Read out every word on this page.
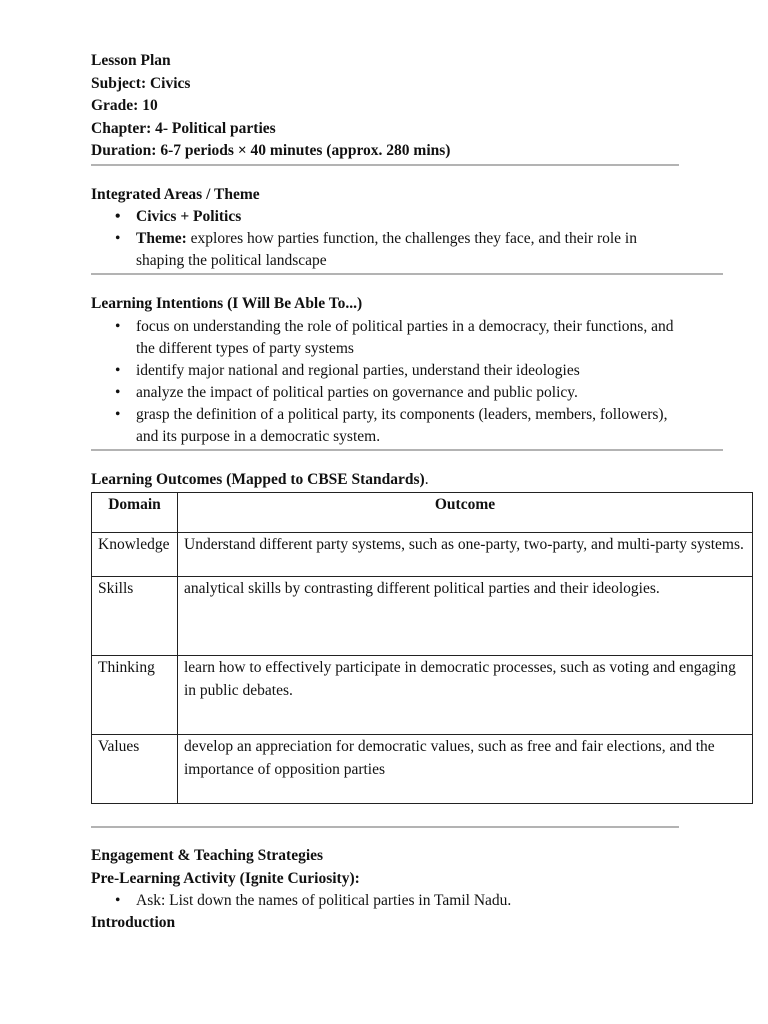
Lesson Plan
Subject: Civics
Grade: 10
Chapter: 4- Political parties
Duration: 6-7 periods × 40 minutes (approx. 280 mins)
Integrated Areas / Theme
• Civics + Politics
• Theme: explores how parties function, the challenges they face, and their role in shaping the political landscape
Learning Intentions (I Will Be Able To...)
• focus on understanding the role of political parties in a democracy, their functions, and the different types of party systems
• identify major national and regional parties, understand their ideologies
• analyze the impact of political parties on governance and public policy.
• grasp the definition of a political party, its components (leaders, members, followers), and its purpose in a democratic system.
Learning Outcomes (Mapped to CBSE Standards).
Domain	Outcome
Knowledge	Understand different party systems, such as one-party, two-party, and multi-party systems.
Skills	analytical skills by contrasting different political parties and their ideologies.
Thinking	learn how to effectively participate in democratic processes, such as voting and engaging in public debates.
Values	develop an appreciation for democratic values, such as free and fair elections, and the importance of opposition parties
Engagement & Teaching Strategies
Pre-Learning Activity (Ignite Curiosity):
• Ask: List down the names of political parties in Tamil Nadu.
Introduction
